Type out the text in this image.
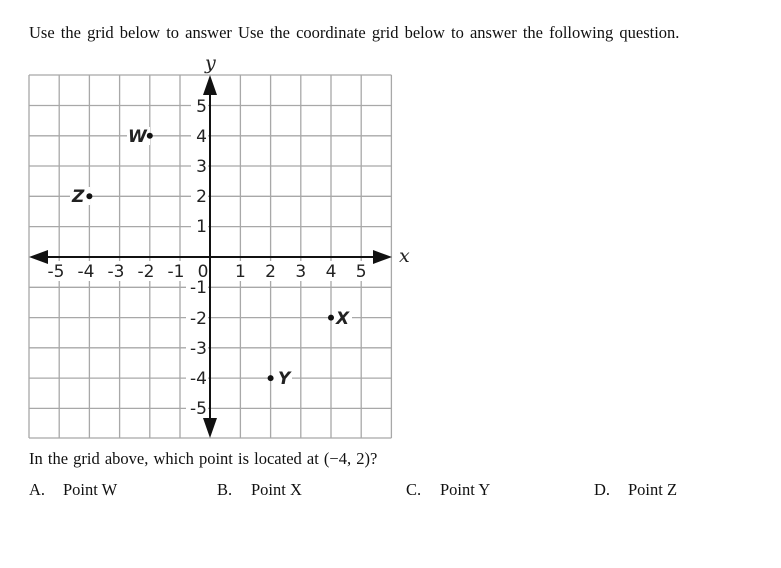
Use the grid below to answer Use the coordinate grid below to answer the following question.
y
x
5
4
3
2
1
-1
-2
-3
-4
-5
-5 -4 -3 -2 -1 0 1 2 3 4 5
W
Z
X
Y
In the grid above, which point is located at (−4, 2)?
A. Point W	B. Point X	C. Point Y	D. Point Z
